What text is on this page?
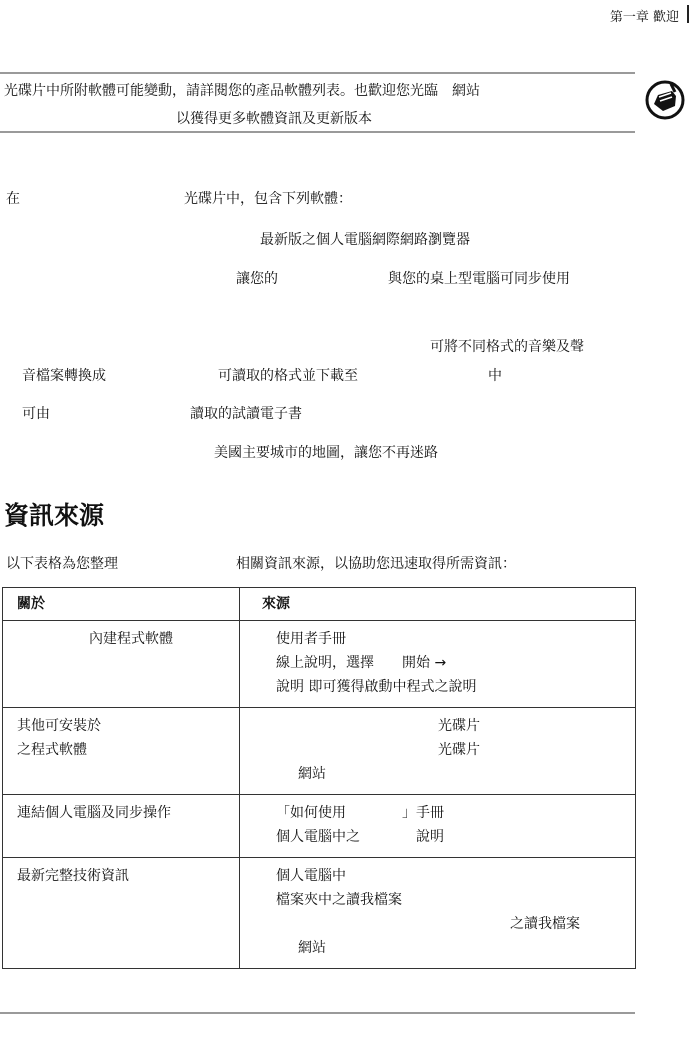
第一章 歡迎
光碟片中所附軟體可能變動，請詳閱您的產品軟體列表。也歡迎您光臨　網站
以獲得更多軟體資訊及更新版本
在	光碟片中，包含下列軟體：
最新版之個人電腦網際網路瀏覽器
讓您的	與您的桌上型電腦可同步使用
可將不同格式的音樂及聲
音檔案轉換成	可讀取的格式並下載至	中
可由	讀取的試讀電子書
美國主要城市的地圖，讓您不再迷路
資訊來源
以下表格為您整理	相關資訊來源，以協助您迅速取得所需資訊：
關於	來源

內建程式軟體	使用者手冊
線上說明，選擇　　開始 →
說明 即可獲得啟動中程式之說明

其他可安裝於
之程式軟體	光碟片
光碟片
網站

連結個人電腦及同步操作	「如何使用　　　　」手冊
個人電腦中之　　　　說明

最新完整技術資訊	個人電腦中
檔案夾中之讀我檔案
之讀我檔案
網站
